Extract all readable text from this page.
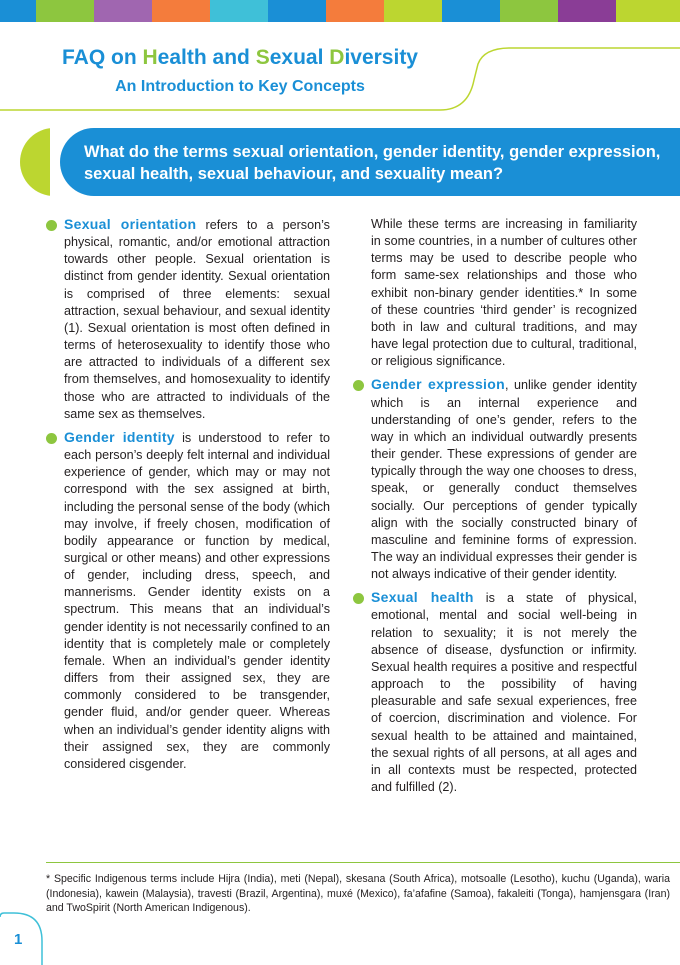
FAQ on Health and Sexual Diversity
An Introduction to Key Concepts
What do the terms sexual orientation, gender identity, gender expression, sexual health, sexual behaviour, and sexuality mean?

Sexual orientation refers to a person’s physical, romantic, and/or emotional attraction towards other people. Sexual orientation is distinct from gender identity. Sexual orientation is comprised of three elements: sexual attraction, sexual behaviour, and sexual identity (1). Sexual orientation is most often defined in terms of heterosexuality to identify those who are attracted to individuals of a different sex from themselves, and homosexuality to identify those who are attracted to individuals of the same sex as themselves.

Gender identity is understood to refer to each person’s deeply felt internal and individual experience of gender, which may or may not correspond with the sex assigned at birth, including the personal sense of the body (which may involve, if freely chosen, modification of bodily appearance or function by medical, surgical or other means) and other expressions of gender, including dress, speech, and mannerisms. Gender identity exists on a spectrum. This means that an individual’s gender identity is not necessarily confined to an identity that is completely male or completely female. When an individual’s gender identity differs from their assigned sex, they are commonly considered to be transgender, gender fluid, and/or gender queer. Whereas when an individual’s gender identity aligns with their assigned sex, they are commonly considered cisgender.

While these terms are increasing in familiarity in some countries, in a number of cultures other terms may be used to describe people who form same-sex relationships and those who exhibit non-binary gender identities.* In some of these countries ‘third gender’ is recognized both in law and cultural traditions, and may have legal protection due to cultural, traditional, or religious significance.

Gender expression, unlike gender identity which is an internal experience and understanding of one’s gender, refers to the way in which an individual outwardly presents their gender. These expressions of gender are typically through the way one chooses to dress, speak, or generally conduct themselves socially. Our perceptions of gender typically align with the socially constructed binary of masculine and feminine forms of expression. The way an individual expresses their gender is not always indicative of their gender identity.

Sexual health is a state of physical, emotional, mental and social well-being in relation to sexuality; it is not merely the absence of disease, dysfunction or infirmity. Sexual health requires a positive and respectful approach to the possibility of having pleasurable and safe sexual experiences, free of coercion, discrimination and violence. For sexual health to be attained and maintained, the sexual rights of all persons, at all ages and in all contexts must be respected, protected and fulfilled (2).

* Specific Indigenous terms include Hijra (India), meti (Nepal), skesana (South Africa), motsoalle (Lesotho), kuchu (Uganda), waria (Indonesia), kawein (Malaysia), travesti (Brazil, Argentina), muxé (Mexico), fa’afafine (Samoa), fakaleiti (Tonga), hamjensgara (Iran) and TwoSpirit (North American Indigenous).
1
